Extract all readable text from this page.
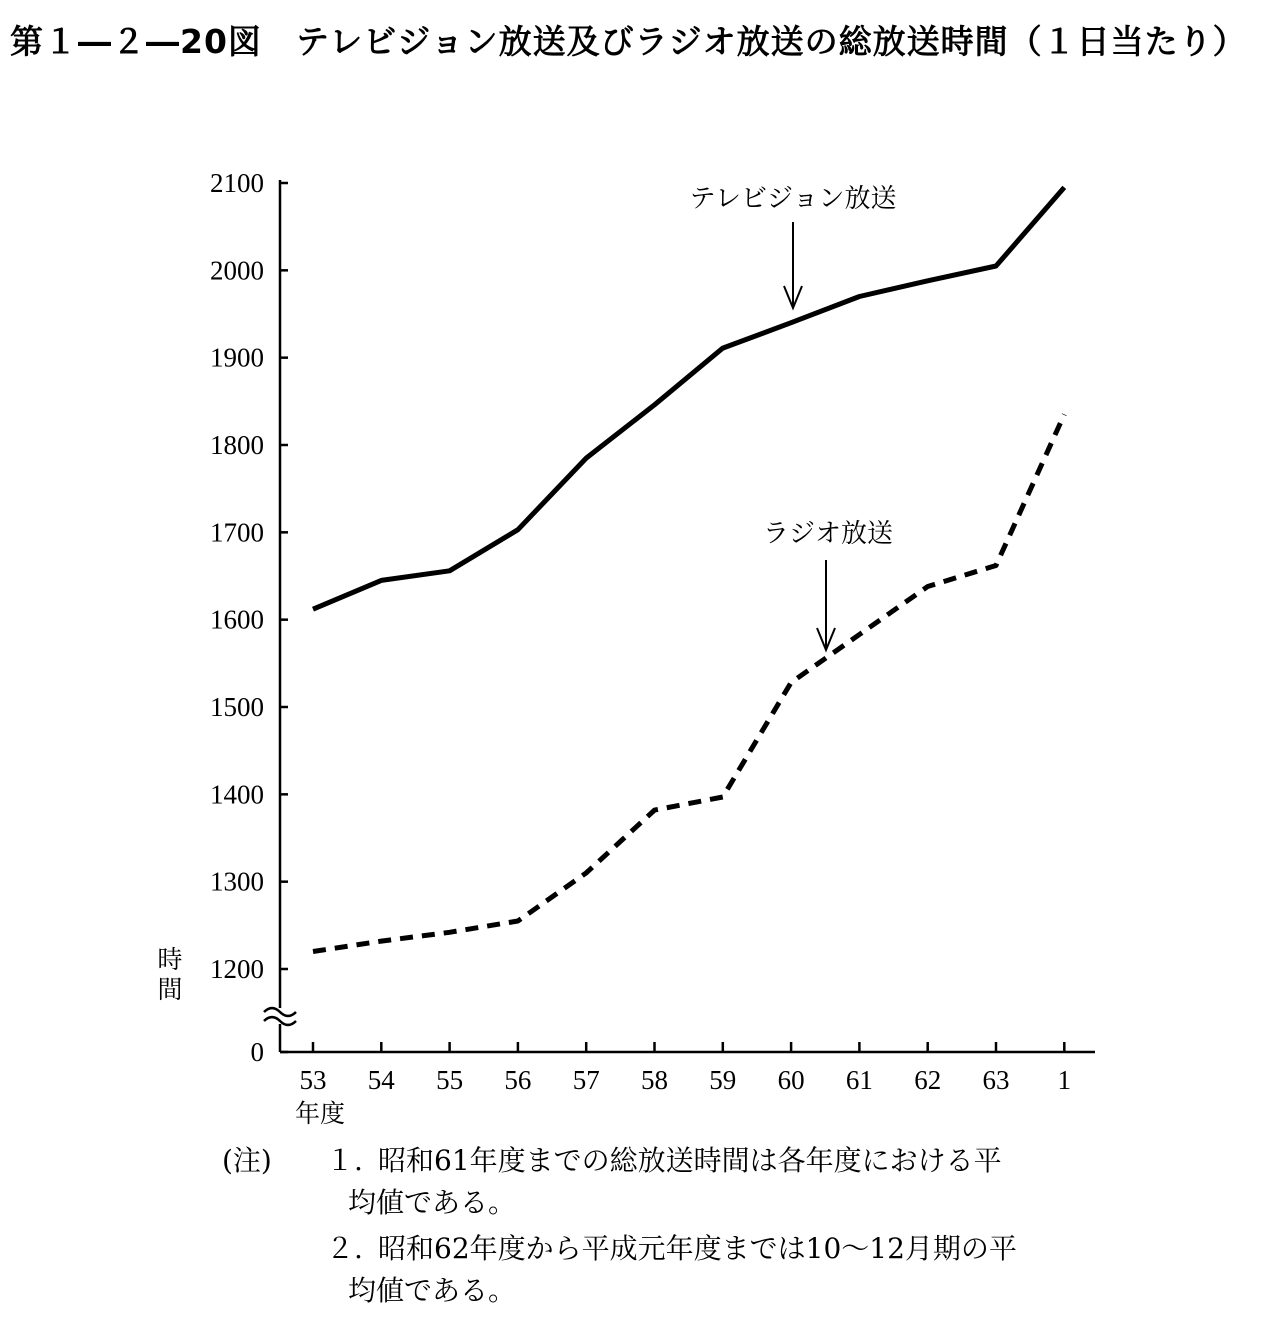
第１―２―20図　テレビジョン放送及びラジオ放送の総放送時間（１日当たり）
0
1200
1300
1400
1500
1600
1700
1800
1900
2000
2100
53 54 55 56 57 58 59 60 61 62 63 1
時
間
年度
テレビジョン放送
ラジオ放送
(注) １. 昭和61年度までの総放送時間は各年度における平
均値である。
２. 昭和62年度から平成元年度までは10～12月期の平
均値である。
